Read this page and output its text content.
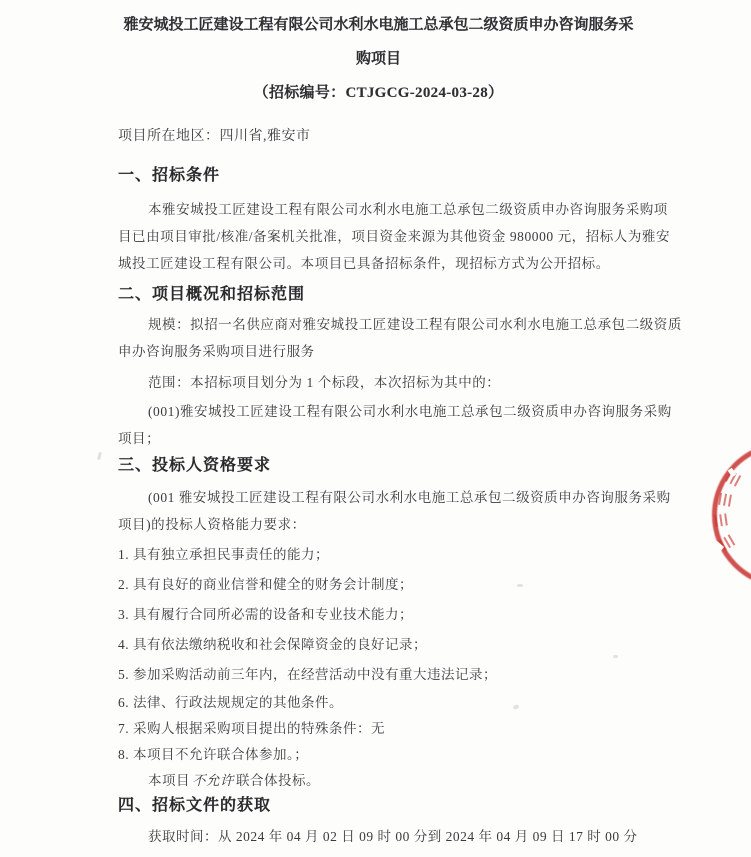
雅安城投工匠建设工程有限公司水利水电施工总承包二级资质申办咨询服务采
购项目
（招标编号：CTJGCG-2024-03-28）
项目所在地区：四川省,雅安市
一、招标条件
本雅安城投工匠建设工程有限公司水利水电施工总承包二级资质申办咨询服务采购项
目已由项目审批/核准/备案机关批准，项目资金来源为其他资金 980000 元，招标人为雅安
城投工匠建设工程有限公司。本项目已具备招标条件，现招标方式为公开招标。
二、项目概况和招标范围
规模：拟招一名供应商对雅安城投工匠建设工程有限公司水利水电施工总承包二级资质
申办咨询服务采购项目进行服务
范围：本招标项目划分为 1 个标段，本次招标为其中的：
(001)雅安城投工匠建设工程有限公司水利水电施工总承包二级资质申办咨询服务采购
项目；
三、投标人资格要求
(001 雅安城投工匠建设工程有限公司水利水电施工总承包二级资质申办咨询服务采购
项目)的投标人资格能力要求：
1. 具有独立承担民事责任的能力；
2. 具有良好的商业信誉和健全的财务会计制度；
3. 具有履行合同所必需的设备和专业技术能力；
4. 具有依法缴纳税收和社会保障资金的良好记录；
5. 参加采购活动前三年内，在经营活动中没有重大违法记录；
6. 法律、行政法规规定的其他条件。
7. 采购人根据采购项目提出的特殊条件：无
8. 本项目不允许联合体参加。；
本项目 不允许 联合体投标。
四、招标文件的获取
获取时间：从 2024 年 04 月 02 日 09 时 00 分到 2024 年 04 月 09 日 17 时 00 分
